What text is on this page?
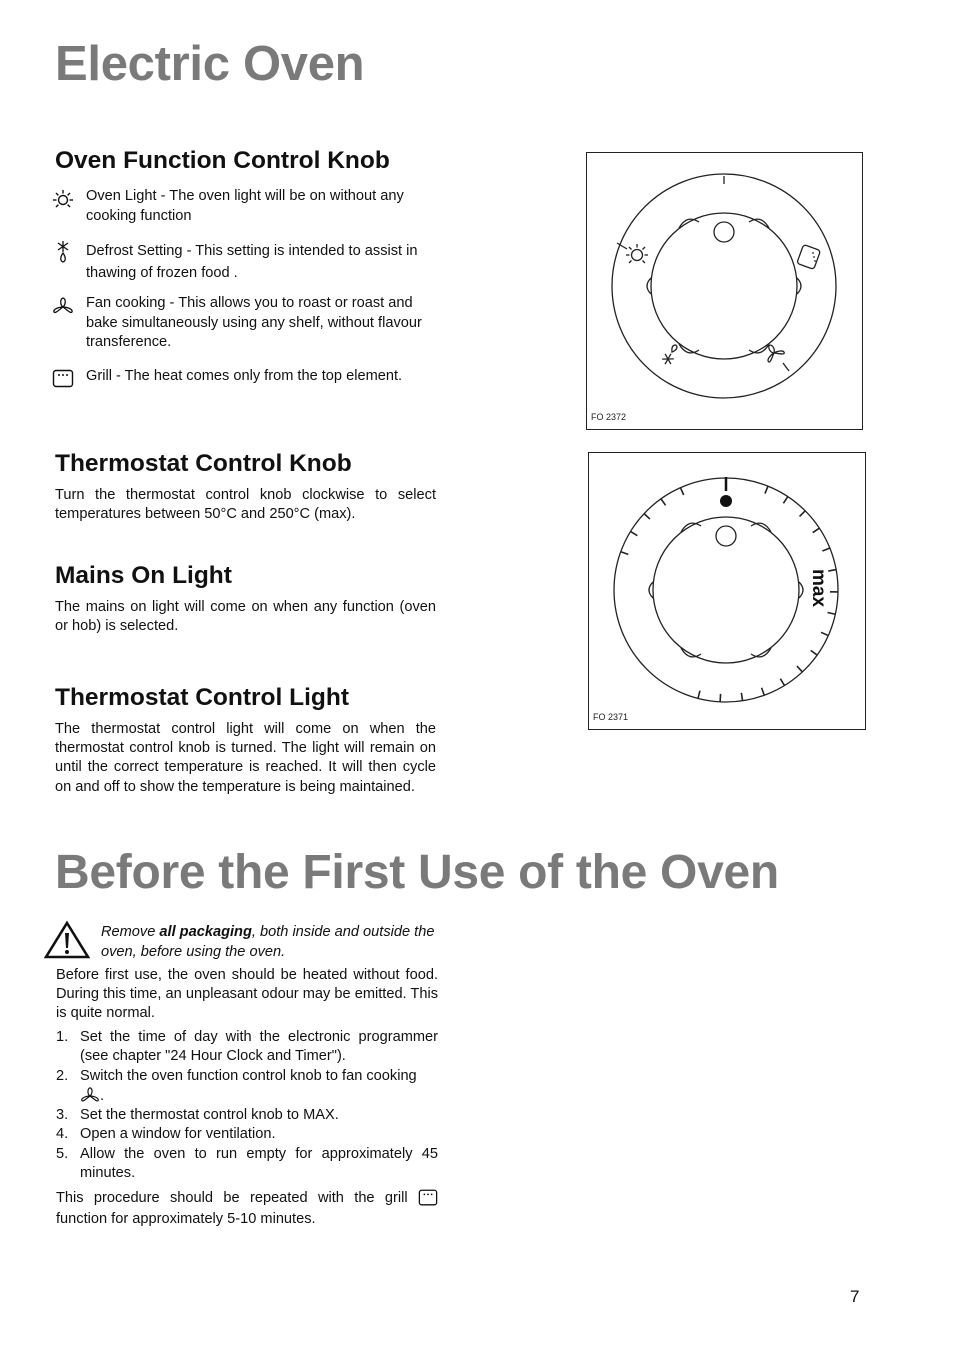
Electric Oven
Oven Function Control Knob
Oven Light - The oven light will be on without any cooking function
Defrost Setting - This setting is intended to assist in thawing of frozen food .
Fan cooking - This allows you to roast or roast and bake simultaneously using any shelf, without flavour transference.
Grill - The heat comes only from the top element.
Thermostat Control Knob
Turn the thermostat control knob clockwise to select temperatures between 50°C and 250°C (max).
Mains On Light
The mains on light will come on when any function (oven or hob) is selected.
Thermostat Control Light
The thermostat control light will come on when the thermostat control knob is turned. The light will remain on until the correct temperature is reached. It will then cycle on and off to show the temperature is being maintained.
FO 2372
max
FO 2371
Before the First Use of the Oven
Remove all packaging, both inside and outside the oven, before using the oven.
Before first use, the oven should be heated without food. During this time, an unpleasant odour may be emitted. This is quite normal.
1. Set the time of day with the electronic programmer (see chapter "24 Hour Clock and Timer").
2. Switch the oven function control knob to fan cooking
.
3. Set the thermostat control knob to MAX.
4. Open a window for ventilation.
5. Allow the oven to run empty for approximately 45 minutes.
This procedure should be repeated with the grill  function for approximately 5-10 minutes.
7
